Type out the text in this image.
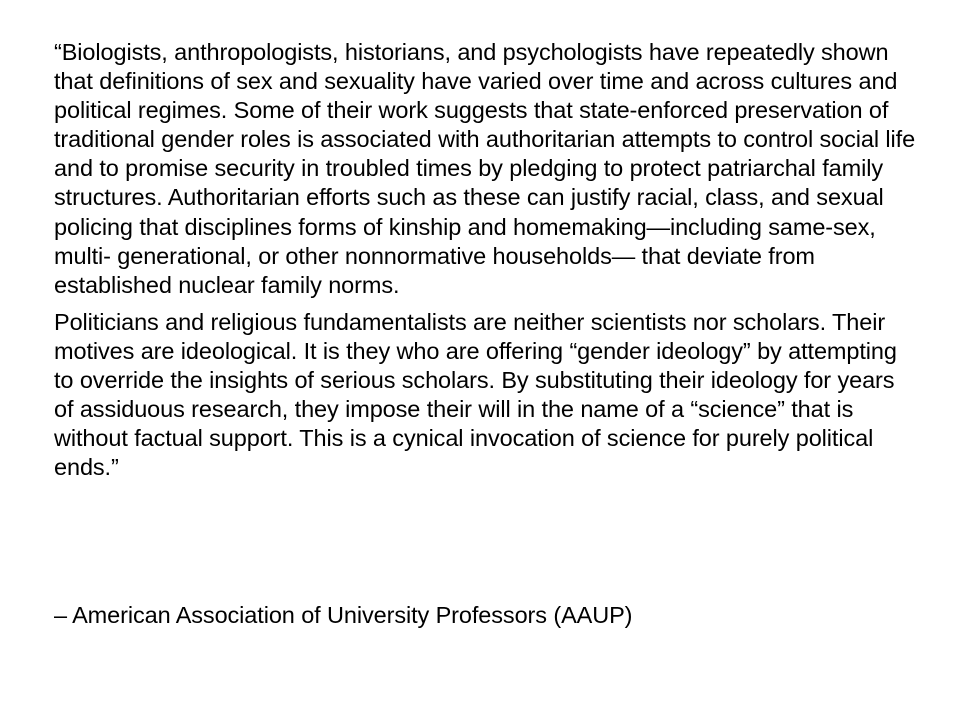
“Biologists, anthropologists, historians, and psychologists have repeatedly shown that definitions of sex and sexuality have varied over time and across cultures and political regimes. Some of their work suggests that state-enforced preservation of traditional gender roles is associated with authoritarian attempts to control social life and to promise security in troubled times by pledging to protect patriarchal family structures. Authoritarian efforts such as these can justify racial, class, and sexual policing that disciplines forms of kinship and homemaking—including same-sex, multi- generational, or other nonnormative households— that deviate from established nuclear family norms.

Politicians and religious fundamentalists are neither scientists nor scholars. Their motives are ideological. It is they who are offering “gender ideology” by attempting to override the insights of serious scholars. By substituting their ideology for years of assiduous research, they impose their will in the name of a “science” that is without factual support. This is a cynical invocation of science for purely political ends.”

– American Association of University Professors (AAUP)
